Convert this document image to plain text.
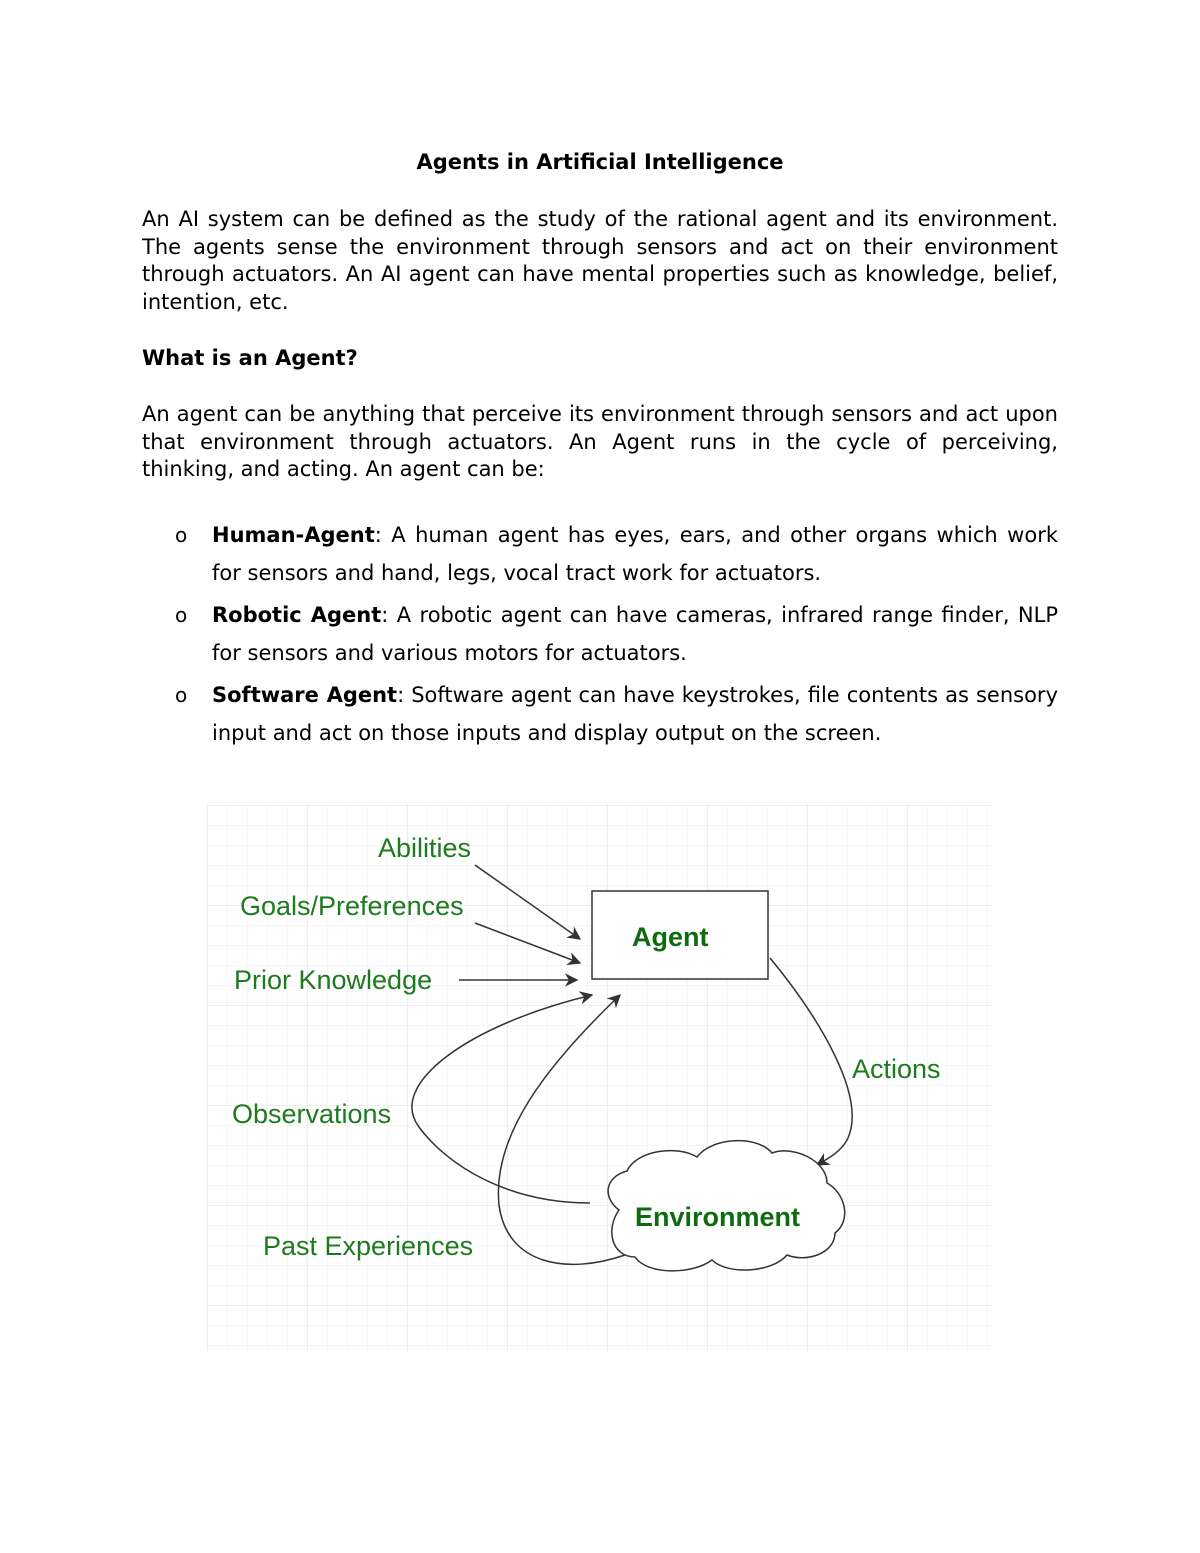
Agents in Artificial Intelligence

An AI system can be defined as the study of the rational agent and its environment. The agents sense the environment through sensors and act on their environment through actuators. An AI agent can have mental properties such as knowledge, belief, intention, etc.

What is an Agent?

An agent can be anything that perceive its environment through sensors and act upon that environment through actuators. An Agent runs in the cycle of perceiving, thinking, and acting. An agent can be:

o Human-Agent: A human agent has eyes, ears, and other organs which work for sensors and hand, legs, vocal tract work for actuators.
o Robotic Agent: A robotic agent can have cameras, infrared range finder, NLP for sensors and various motors for actuators.
o Software Agent: Software agent can have keystrokes, file contents as sensory input and act on those inputs and display output on the screen.
Agent
Abilities
Goals/Preferences
Prior Knowledge
Observations
Past Experiences
Actions
Environment
